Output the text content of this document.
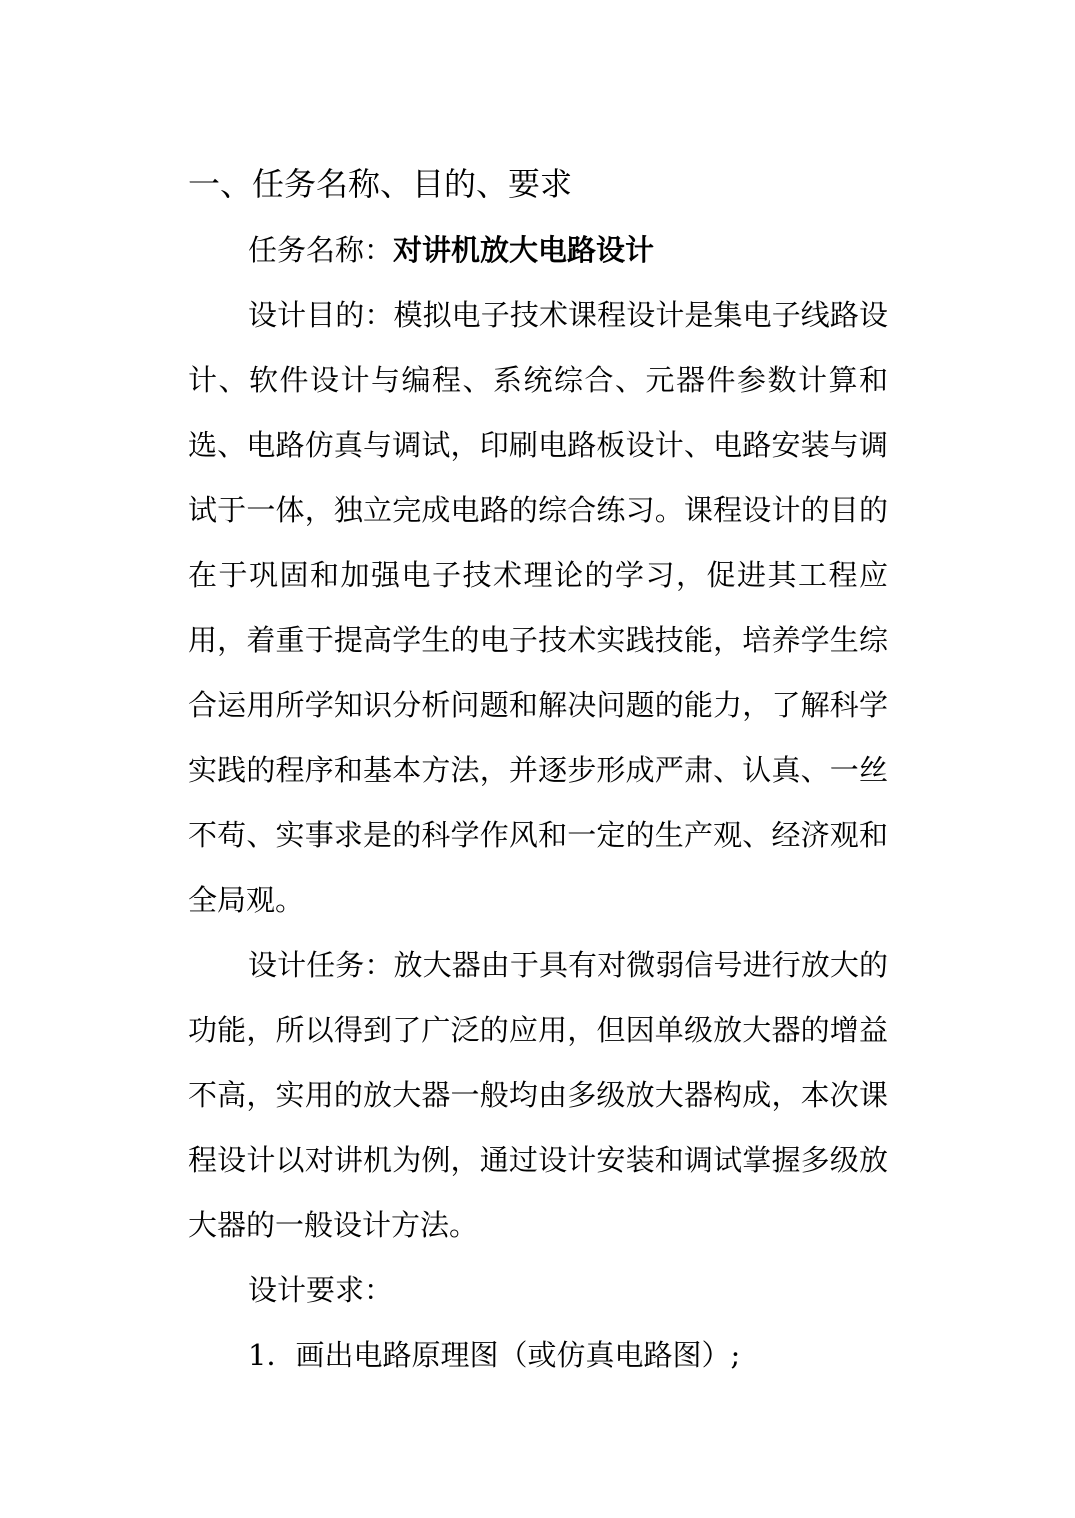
一、任务名称、目的、要求

任务名称：对讲机放大电路设计

设计目的：模拟电子技术课程设计是集电子线路设计、软件设计与编程、系统综合、元器件参数计算和选、电路仿真与调试，印刷电路板设计、电路安装与调试于一体，独立完成电路的综合练习。课程设计的目的在于巩固和加强电子技术理论的学习，促进其工程应用，着重于提高学生的电子技术实践技能，培养学生综合运用所学知识分析问题和解决问题的能力，了解科学实践的程序和基本方法，并逐步形成严肃、认真、一丝不苟、实事求是的科学作风和一定的生产观、经济观和全局观。

设计任务：放大器由于具有对微弱信号进行放大的功能，所以得到了广泛的应用，但因单级放大器的增益不高，实用的放大器一般均由多级放大器构成，本次课程设计以对讲机为例，通过设计安装和调试掌握多级放大器的一般设计方法。

设计要求：

1．画出电路原理图（或仿真电路图）;
